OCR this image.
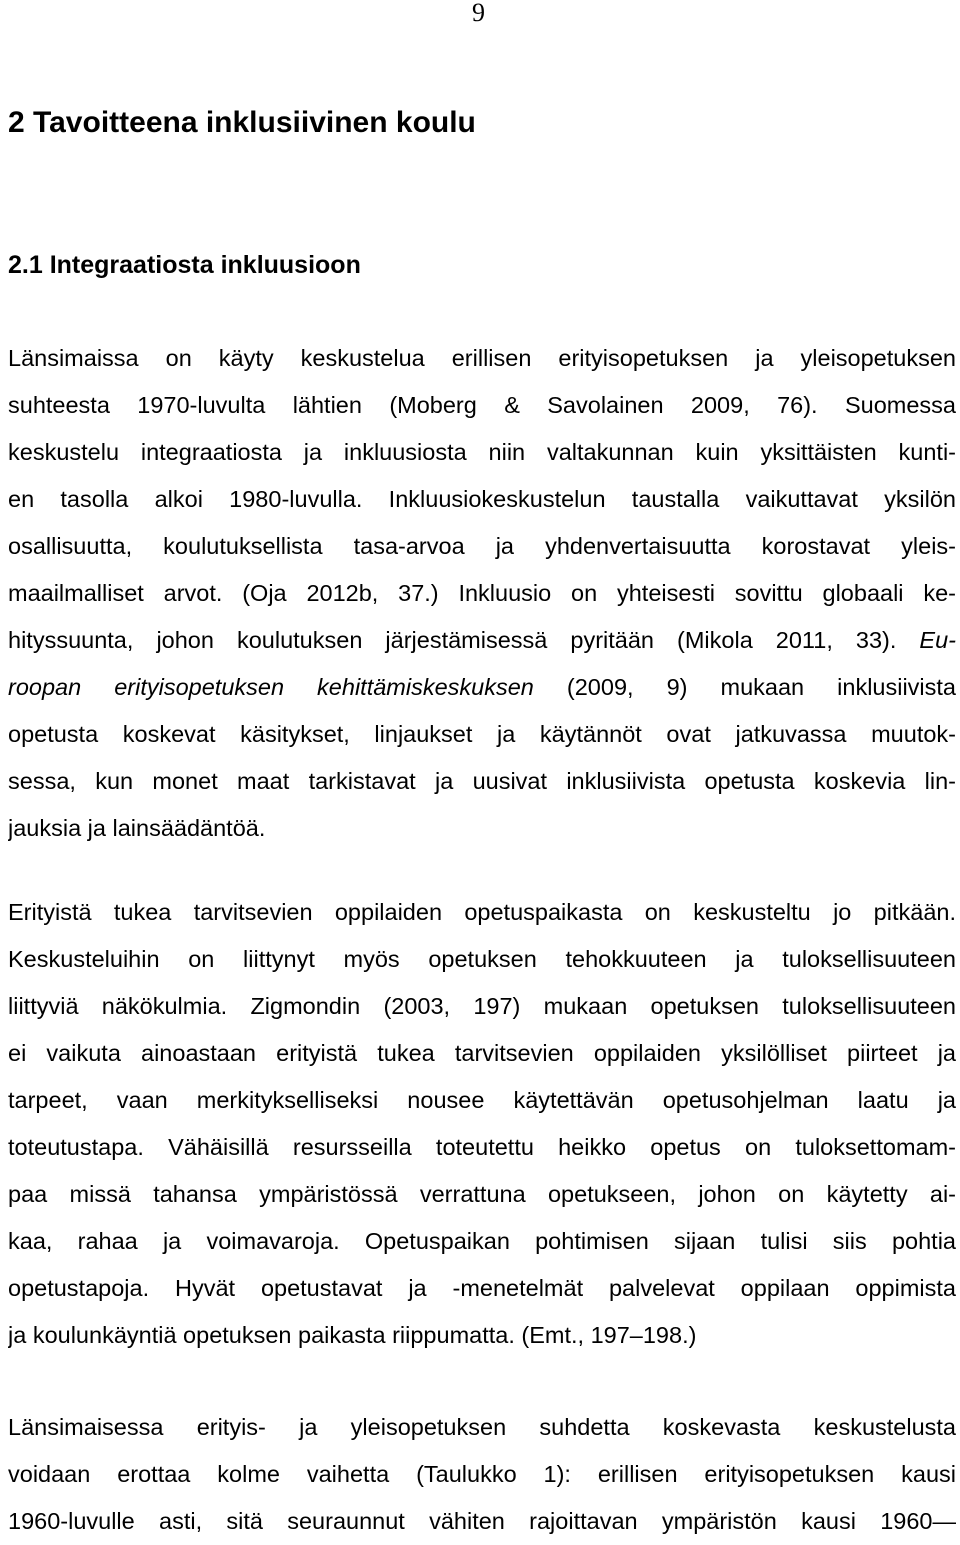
9
2 Tavoitteena inklusiivinen koulu
2.1 Integraatiosta inkluusioon
Länsimaissa on käyty keskustelua erillisen erityisopetuksen ja yleisopetuksen
suhteesta 1970-luvulta lähtien (Moberg & Savolainen 2009, 76). Suomessa
keskustelu integraatiosta ja inkluusiosta niin valtakunnan kuin yksittäisten kunti-
en tasolla alkoi 1980-luvulla. Inkluusiokeskustelun taustalla vaikuttavat yksilön
osallisuutta, koulutuksellista tasa-arvoa ja yhdenvertaisuutta korostavat yleis-
maailmalliset arvot. (Oja 2012b, 37.) Inkluusio on yhteisesti sovittu globaali ke-
hityssuunta, johon koulutuksen järjestämisessä pyritään (Mikola 2011, 33). Eu-
roopan erityisopetuksen kehittämiskeskuksen (2009, 9) mukaan inklusiivista
opetusta koskevat käsitykset, linjaukset ja käytännöt ovat jatkuvassa muutok-
sessa, kun monet maat tarkistavat ja uusivat inklusiivista opetusta koskevia lin-
jauksia ja lainsäädäntöä.
Erityistä tukea tarvitsevien oppilaiden opetuspaikasta on keskusteltu jo pitkään.
Keskusteluihin on liittynyt myös opetuksen tehokkuuteen ja tuloksellisuuteen
liittyviä näkökulmia. Zigmondin (2003, 197) mukaan opetuksen tuloksellisuuteen
ei vaikuta ainoastaan erityistä tukea tarvitsevien oppilaiden yksilölliset piirteet ja
tarpeet, vaan merkitykselliseksi nousee käytettävän opetusohjelman laatu ja
toteutustapa. Vähäisillä resursseilla toteutettu heikko opetus on tuloksettomam-
paa missä tahansa ympäristössä verrattuna opetukseen, johon on käytetty ai-
kaa, rahaa ja voimavaroja. Opetuspaikan pohtimisen sijaan tulisi siis pohtia
opetustapoja. Hyvät opetustavat ja -menetelmät palvelevat oppilaan oppimista
ja koulunkäyntiä opetuksen paikasta riippumatta. (Emt., 197–198.)
Länsimaisessa erityis- ja yleisopetuksen suhdetta koskevasta keskustelusta
voidaan erottaa kolme vaihetta (Taulukko 1): erillisen erityisopetuksen kausi
1960-luvulle asti, sitä seuraunnut vähiten rajoittavan ympäristön kausi 1960—
